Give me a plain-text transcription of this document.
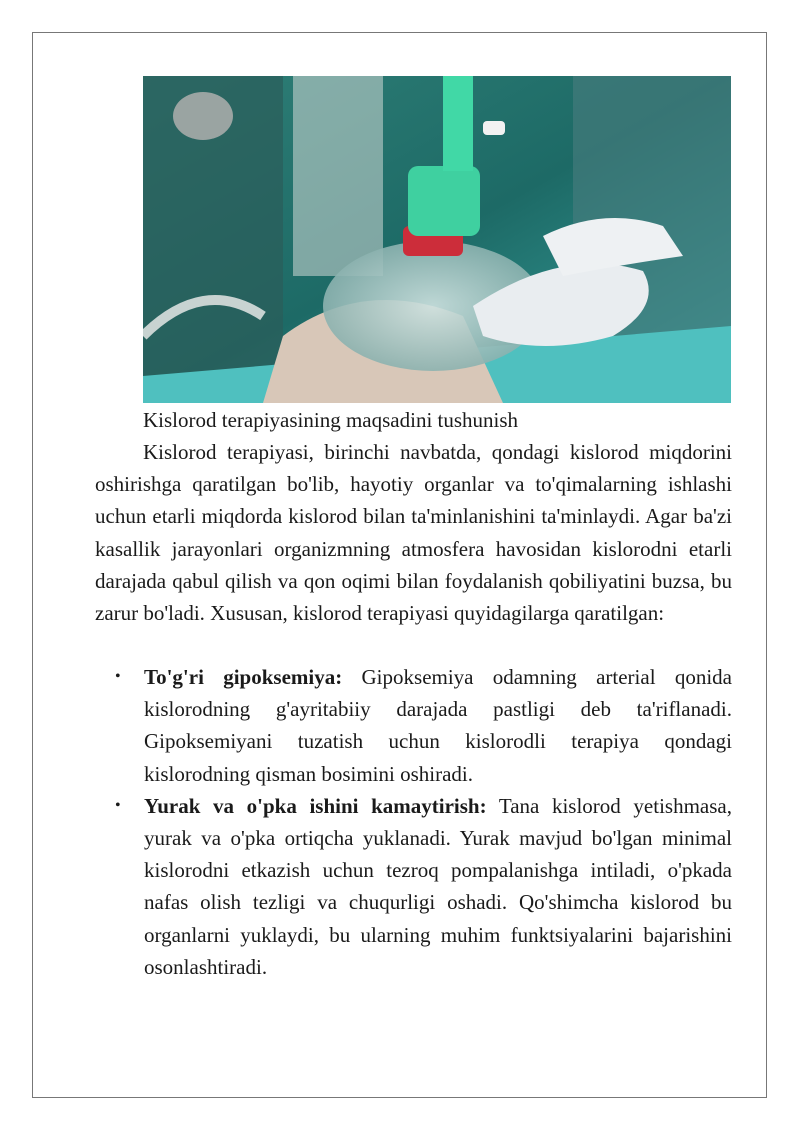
Kislorod terapiyasining maqsadini tushunish
Kislorod terapiyasi, birinchi navbatda, qondagi kislorod miqdorini oshirishga qaratilgan bo'lib, hayotiy organlar va to'qimalarning ishlashi uchun etarli miqdorda kislorod bilan ta'minlanishini ta'minlaydi. Agar ba'zi kasallik jarayonlari organizmning atmosfera havosidan kislorodni etarli darajada qabul qilish va qon oqimi bilan foydalanish qobiliyatini buzsa, bu zarur bo'ladi. Xususan, kislorod terapiyasi quyidagilarga qaratilgan:
• To'g'ri gipoksemiya: Gipoksemiya odamning arterial qonida kislorodning g'ayritabiiy darajada pastligi deb ta'riflanadi. Gipoksemiyani tuzatish uchun kislorodli terapiya qondagi kislorodning qisman bosimini oshiradi.
• Yurak va o'pka ishini kamaytirish: Tana kislorod yetishmasa, yurak va o'pka ortiqcha yuklanadi. Yurak mavjud bo'lgan minimal kislorodni etkazish uchun tezroq pompalanishga intiladi, o'pkada nafas olish tezligi va chuqurligi oshadi. Qo'shimcha kislorod bu organlarni yuklaydi, bu ularning muhim funktsiyalarini bajarishini osonlashtiradi.
